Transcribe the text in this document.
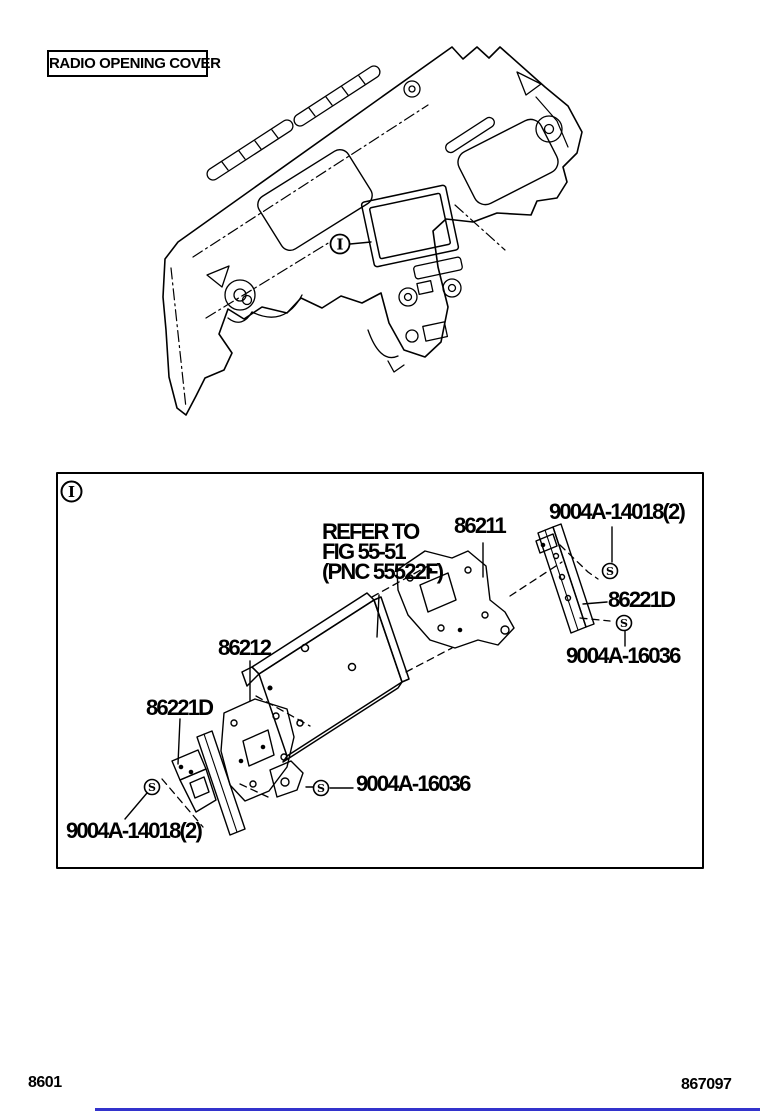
RADIO OPENING COVER
I
I
S
S
S
S
REFER TO
FIG 55-51
(PNC 55522F)
86211
9004A-14018(2)
86221D
9004A-16036
86212
86221D
9004A-16036
9004A-14018(2)
8601	867097
